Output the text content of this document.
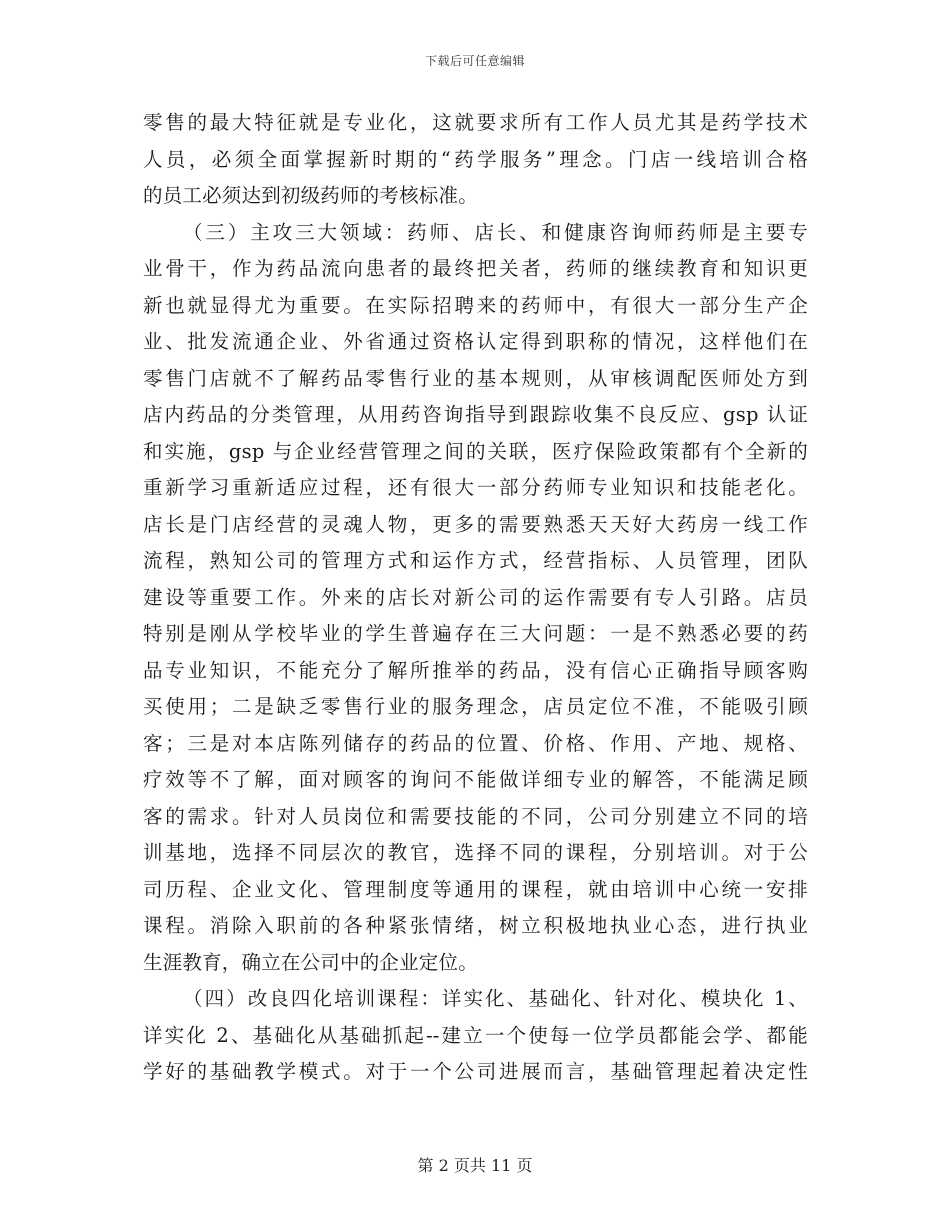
下载后可任意编辑
零售的最大特征就是专业化，这就要求所有工作人员尤其是药学技术
人员，必须全面掌握新时期的“药学服务”理念。门店一线培训合格
的员工必须达到初级药师的考核标准。
（三）主攻三大领域：药师、店长、和健康咨询师药师是主要专
业骨干，作为药品流向患者的最终把关者，药师的继续教育和知识更
新也就显得尤为重要。在实际招聘来的药师中，有很大一部分生产企
业、批发流通企业、外省通过资格认定得到职称的情况，这样他们在
零售门店就不了解药品零售行业的基本规则，从审核调配医师处方到
店内药品的分类管理，从用药咨询指导到跟踪收集不良反应、gsp 认证
和实施，gsp 与企业经营管理之间的关联，医疗保险政策都有个全新的
重新学习重新适应过程，还有很大一部分药师专业知识和技能老化。
店长是门店经营的灵魂人物，更多的需要熟悉天天好大药房一线工作
流程，熟知公司的管理方式和运作方式，经营指标、人员管理，团队
建设等重要工作。外来的店长对新公司的运作需要有专人引路。店员
特别是刚从学校毕业的学生普遍存在三大问题：一是不熟悉必要的药
品专业知识，不能充分了解所推举的药品，没有信心正确指导顾客购
买使用；二是缺乏零售行业的服务理念，店员定位不准，不能吸引顾
客；三是对本店陈列储存的药品的位置、价格、作用、产地、规格、
疗效等不了解，面对顾客的询问不能做详细专业的解答，不能满足顾
客的需求。针对人员岗位和需要技能的不同，公司分别建立不同的培
训基地，选择不同层次的教官，选择不同的课程，分别培训。对于公
司历程、企业文化、管理制度等通用的课程，就由培训中心统一安排
课程。消除入职前的各种紧张情绪，树立积极地执业心态，进行执业
生涯教育，确立在公司中的企业定位。
（四）改良四化培训课程：详实化、基础化、针对化、模块化 1、
详实化 2、基础化从基础抓起--建立一个使每一位学员都能会学、都能
学好的基础教学模式。对于一个公司进展而言，基础管理起着决定性
第 2 页共 11 页
